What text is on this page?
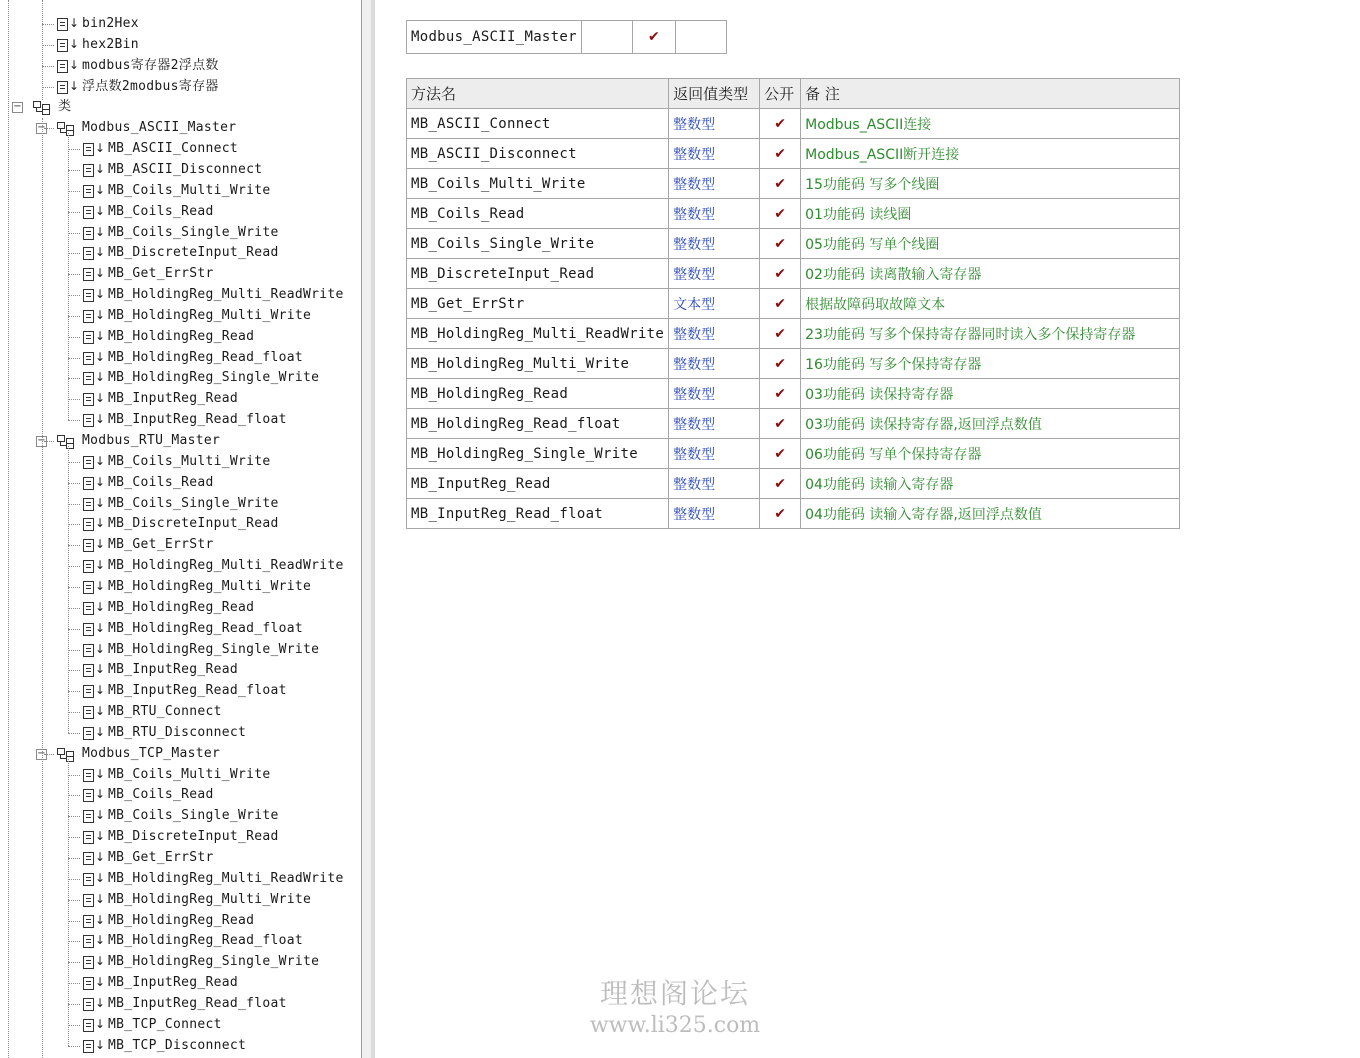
↓ bin2Hex
↓ hex2Bin
↓ modbus寄存器2浮点数
↓ 浮点数2modbus寄存器
−	类
−	Modbus_ASCII_Master
↓ MB_ASCII_Connect
↓ MB_ASCII_Disconnect
↓ MB_Coils_Multi_Write
↓ MB_Coils_Read
↓ MB_Coils_Single_Write
↓ MB_DiscreteInput_Read
↓ MB_Get_ErrStr
↓ MB_HoldingReg_Multi_ReadWrite
↓ MB_HoldingReg_Multi_Write
↓ MB_HoldingReg_Read
↓ MB_HoldingReg_Read_float
↓ MB_HoldingReg_Single_Write
↓ MB_InputReg_Read
↓ MB_InputReg_Read_float
−	Modbus_RTU_Master
↓ MB_Coils_Multi_Write
↓ MB_Coils_Read
↓ MB_Coils_Single_Write
↓ MB_DiscreteInput_Read
↓ MB_Get_ErrStr
↓ MB_HoldingReg_Multi_ReadWrite
↓ MB_HoldingReg_Multi_Write
↓ MB_HoldingReg_Read
↓ MB_HoldingReg_Read_float
↓ MB_HoldingReg_Single_Write
↓ MB_InputReg_Read
↓ MB_InputReg_Read_float
↓ MB_RTU_Connect
↓ MB_RTU_Disconnect
−	Modbus_TCP_Master
↓ MB_Coils_Multi_Write
↓ MB_Coils_Read
↓ MB_Coils_Single_Write
↓ MB_DiscreteInput_Read
↓ MB_Get_ErrStr
↓ MB_HoldingReg_Multi_ReadWrite
↓ MB_HoldingReg_Multi_Write
↓ MB_HoldingReg_Read
↓ MB_HoldingReg_Read_float
↓ MB_HoldingReg_Single_Write
↓ MB_InputReg_Read
↓ MB_InputReg_Read_float
↓ MB_TCP_Connect
↓ MB_TCP_Disconnect
Modbus_ASCII_Master		✔	
方法名	返回值类型	公开	备 注
MB_ASCII_Connect	整数型	✔	Modbus_ASCII连接
MB_ASCII_Disconnect	整数型	✔	Modbus_ASCII断开连接
MB_Coils_Multi_Write	整数型	✔	15功能码 写多个线圈
MB_Coils_Read	整数型	✔	01功能码 读线圈
MB_Coils_Single_Write	整数型	✔	05功能码 写单个线圈
MB_DiscreteInput_Read	整数型	✔	02功能码 读离散输入寄存器
MB_Get_ErrStr	文本型	✔	根据故障码取故障文本
MB_HoldingReg_Multi_ReadWrite	整数型	✔	23功能码 写多个保持寄存器同时读入多个保持寄存器
MB_HoldingReg_Multi_Write	整数型	✔	16功能码 写多个保持寄存器
MB_HoldingReg_Read	整数型	✔	03功能码 读保持寄存器
MB_HoldingReg_Read_float	整数型	✔	03功能码 读保持寄存器,返回浮点数值
MB_HoldingReg_Single_Write	整数型	✔	06功能码 写单个保持寄存器
MB_InputReg_Read	整数型	✔	04功能码 读输入寄存器
MB_InputReg_Read_float	整数型	✔	04功能码 读输入寄存器,返回浮点数值
理想阁论坛
www.li325.com
